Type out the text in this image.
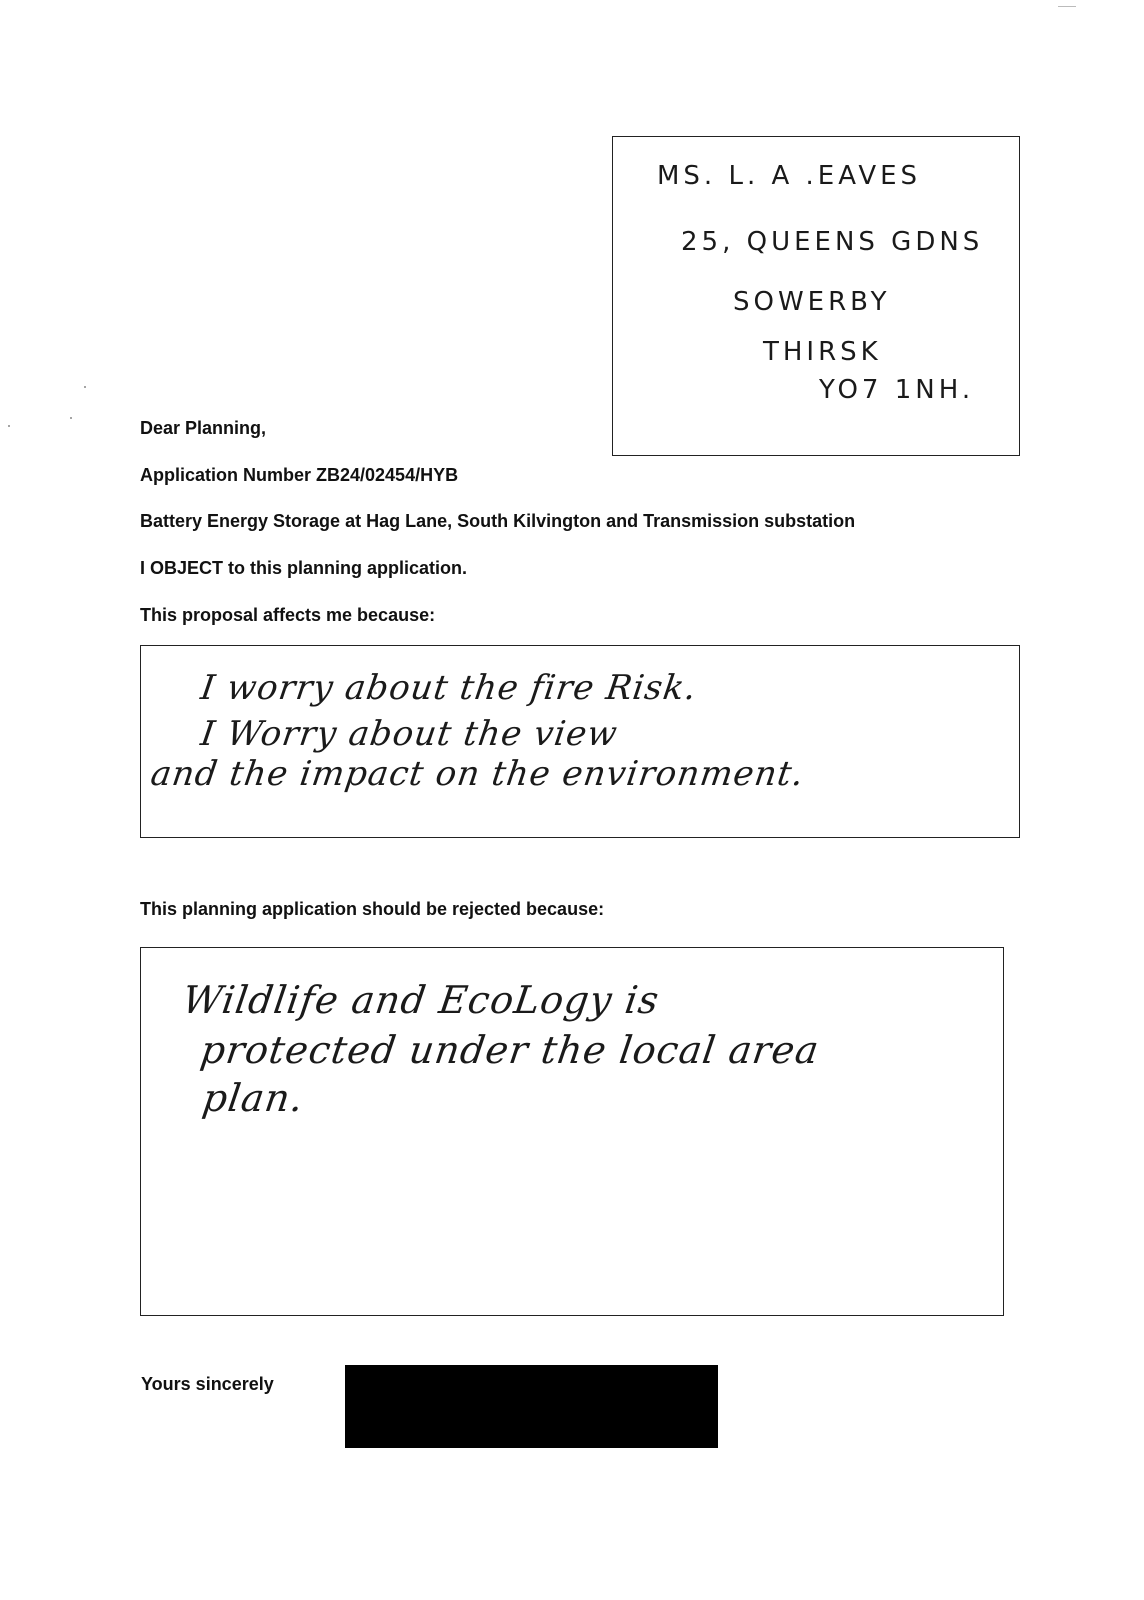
MS. L. A .EAVES
25, QUEENS GDNS
SOWERBY
THIRSK
YO7 1NH.
Dear Planning,
Application Number ZB24/02454/HYB
Battery Energy Storage at Hag Lane, South Kilvington and Transmission substation
I OBJECT to this planning application.
This proposal affects me because:
I worry about the fire Risk.
I Worry about the view
and the impact on the environment.
This planning application should be rejected because:
Wildlife and EcoLogy is
protected under the local area
plan.
Yours sincerely
